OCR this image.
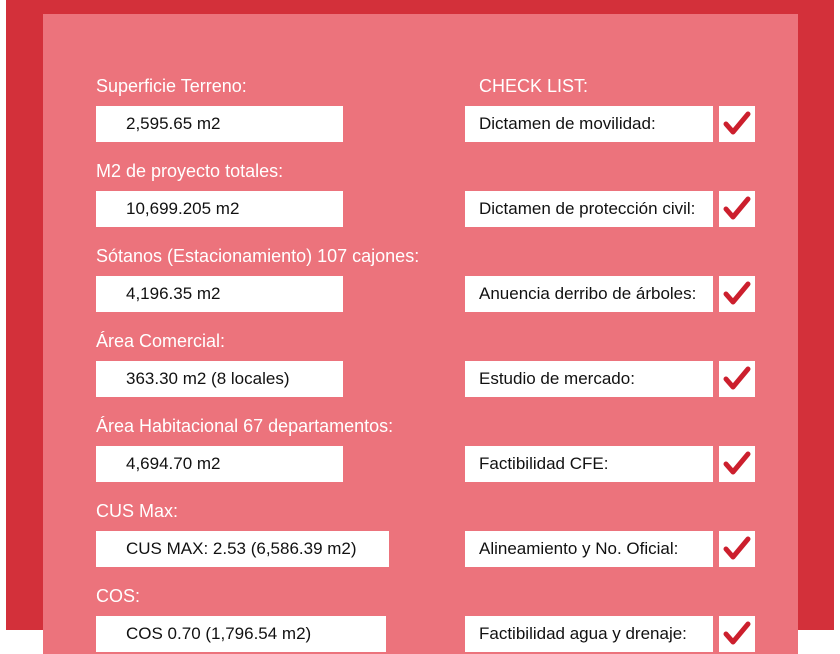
Superficie Terreno:
2,595.65 m2
M2 de proyecto totales:
10,699.205 m2
Sótanos (Estacionamiento) 107 cajones:
4,196.35 m2
Área Comercial:
363.30 m2 (8 locales)
Área Habitacional 67 departamentos:
4,694.70 m2
CUS Max:
CUS MAX: 2.53 (6,586.39 m2)
COS:
COS 0.70 (1,796.54 m2)
CHECK LIST:
Dictamen de movilidad:
Dictamen de protección civil:
Anuencia derribo de árboles:
Estudio de mercado:
Factibilidad CFE:
Alineamiento y No. Oficial:
Factibilidad agua y drenaje:
